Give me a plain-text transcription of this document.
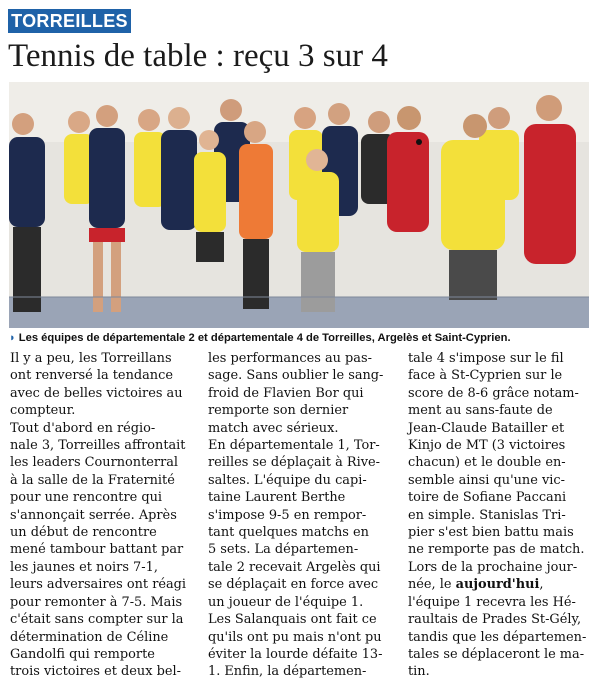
TORREILLES
Tennis de table : reçu 3 sur 4
◗ Les équipes de départementale 2 et départementale 4 de Torreilles, Argelès et Saint-Cyprien.

Il y a peu, les Torreillans

ont renversé la tendance

avec de belles victoires au

compteur.

Tout d'abord en régio-

nale 3, Torreilles affrontait

les leaders Cournonterral

à la salle de la Fraternité

pour une rencontre qui

s'annonçait serrée. Après

un début de rencontre

mené tambour battant par

les jaunes et noirs 7-1,

leurs adversaires ont réagi

pour remonter à 7-5. Mais

c'était sans compter sur la

détermination de Céline

Gandolfi qui remporte

trois victoires et deux bel-

les performances au pas-

sage. Sans oublier le sang-

froid de Flavien Bor qui

remporte son dernier

match avec sérieux.

En départementale 1, Tor-

reilles se déplaçait à Rive-

saltes. L'équipe du capi-

taine Laurent Berthe

s'impose 9-5 en rempor-

tant quelques matchs en

5 sets. La départemen-

tale 2 recevait Argelès qui

se déplaçait en force avec

un joueur de l'équipe 1.

Les Salanquais ont fait ce

qu'ils ont pu mais n'ont pu

éviter la lourde défaite 13-

1. Enfin, la départemen-

tale 4 s'impose sur le fil

face à St-Cyprien sur le

score de 8-6 grâce notam-

ment au sans-faute de

Jean-Claude Batailler et

Kinjo de MT (3 victoires

chacun) et le double en-

semble ainsi qu'une vic-

toire de Sofiane Paccani

en simple. Stanislas Tri-

pier s'est bien battu mais

ne remporte pas de match.

Lors de la prochaine jour-

née, le aujourd'hui,

l'équipe 1 recevra les Hé-

raultais de Prades St-Gély,

tandis que les départemen-

tales se déplaceront le ma-

tin.
